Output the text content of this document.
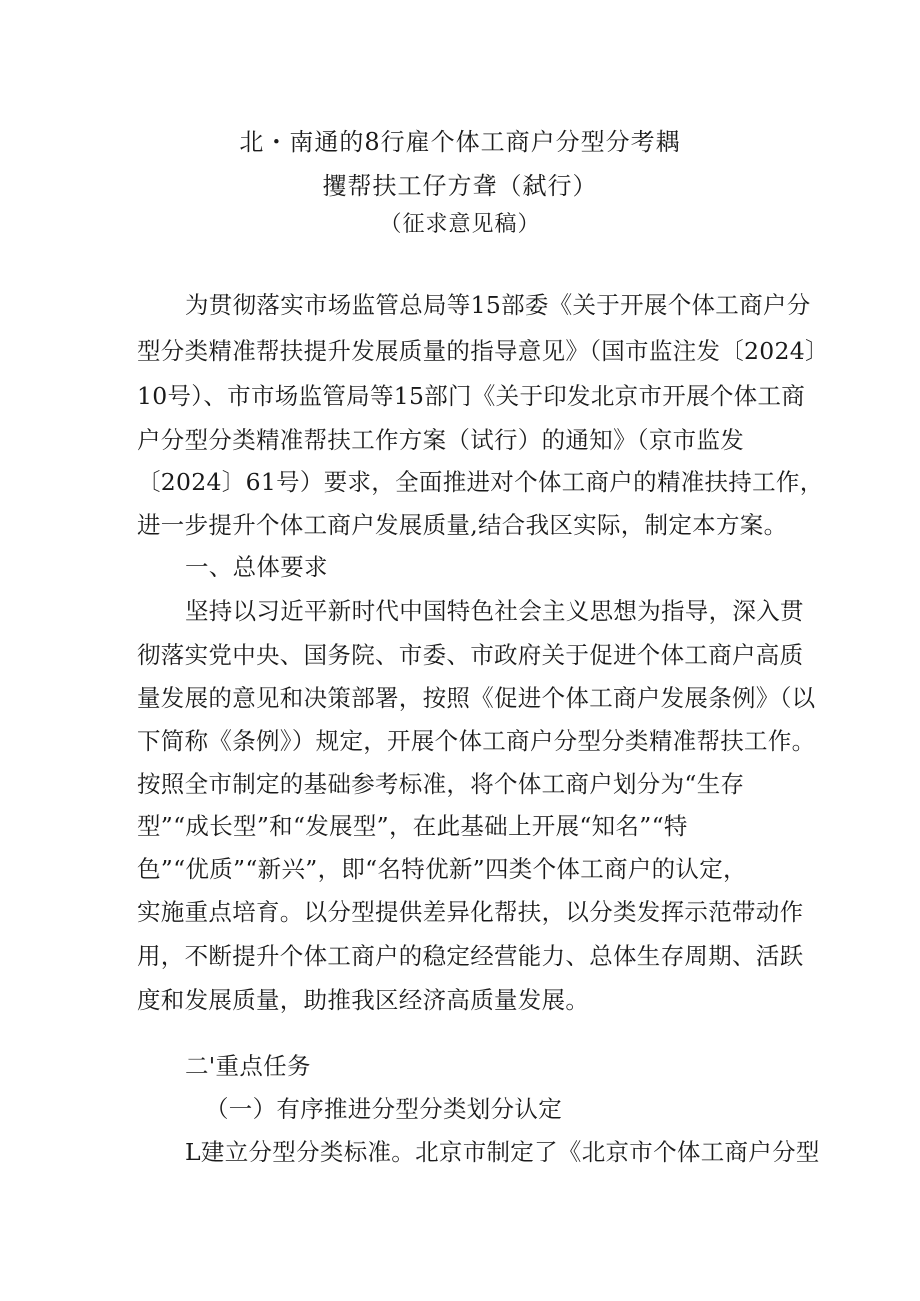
北・南通的8行雇个体工商户分型分考耦
攫帮扶工仔方聋（弑行）
（征求意见稿）
为贯彻落实市场监管总局等15部委《关于开展个体工商户分
型分类精准帮扶提升发展质量的指导意见》（国市监注发〔2024〕
10号）、市市场监管局等15部门《关于印发北京市开展个体工商
户分型分类精准帮扶工作方案（试行）的通知》（京市监发
〔2024〕61号）要求，全面推进对个体工商户的精准扶持工作，
进一步提升个体工商户发展质量,结合我区实际，制定本方案。
一、总体要求
坚持以习近平新时代中国特色社会主义思想为指导，深入贯
彻落实党中央、国务院、市委、市政府关于促进个体工商户高质
量发展的意见和决策部署，按照《促进个体工商户发展条例》（以
下简称《条例》）规定，开展个体工商户分型分类精准帮扶工作。
按照全市制定的基础参考标准，将个体工商户划分为“生存
型”“成长型”和“发展型”，在此基础上开展“知名”“特
色”“优质”“新兴”，即“名特优新”四类个体工商户的认定，
实施重点培育。以分型提供差异化帮扶，以分类发挥示范带动作
用，不断提升个体工商户的稳定经营能力、总体生存周期、活跃
度和发展质量，助推我区经济高质量发展。
二'重点任务
（一）有序推进分型分类划分认定
L建立分型分类标准。北京市制定了《北京市个体工商户分型
